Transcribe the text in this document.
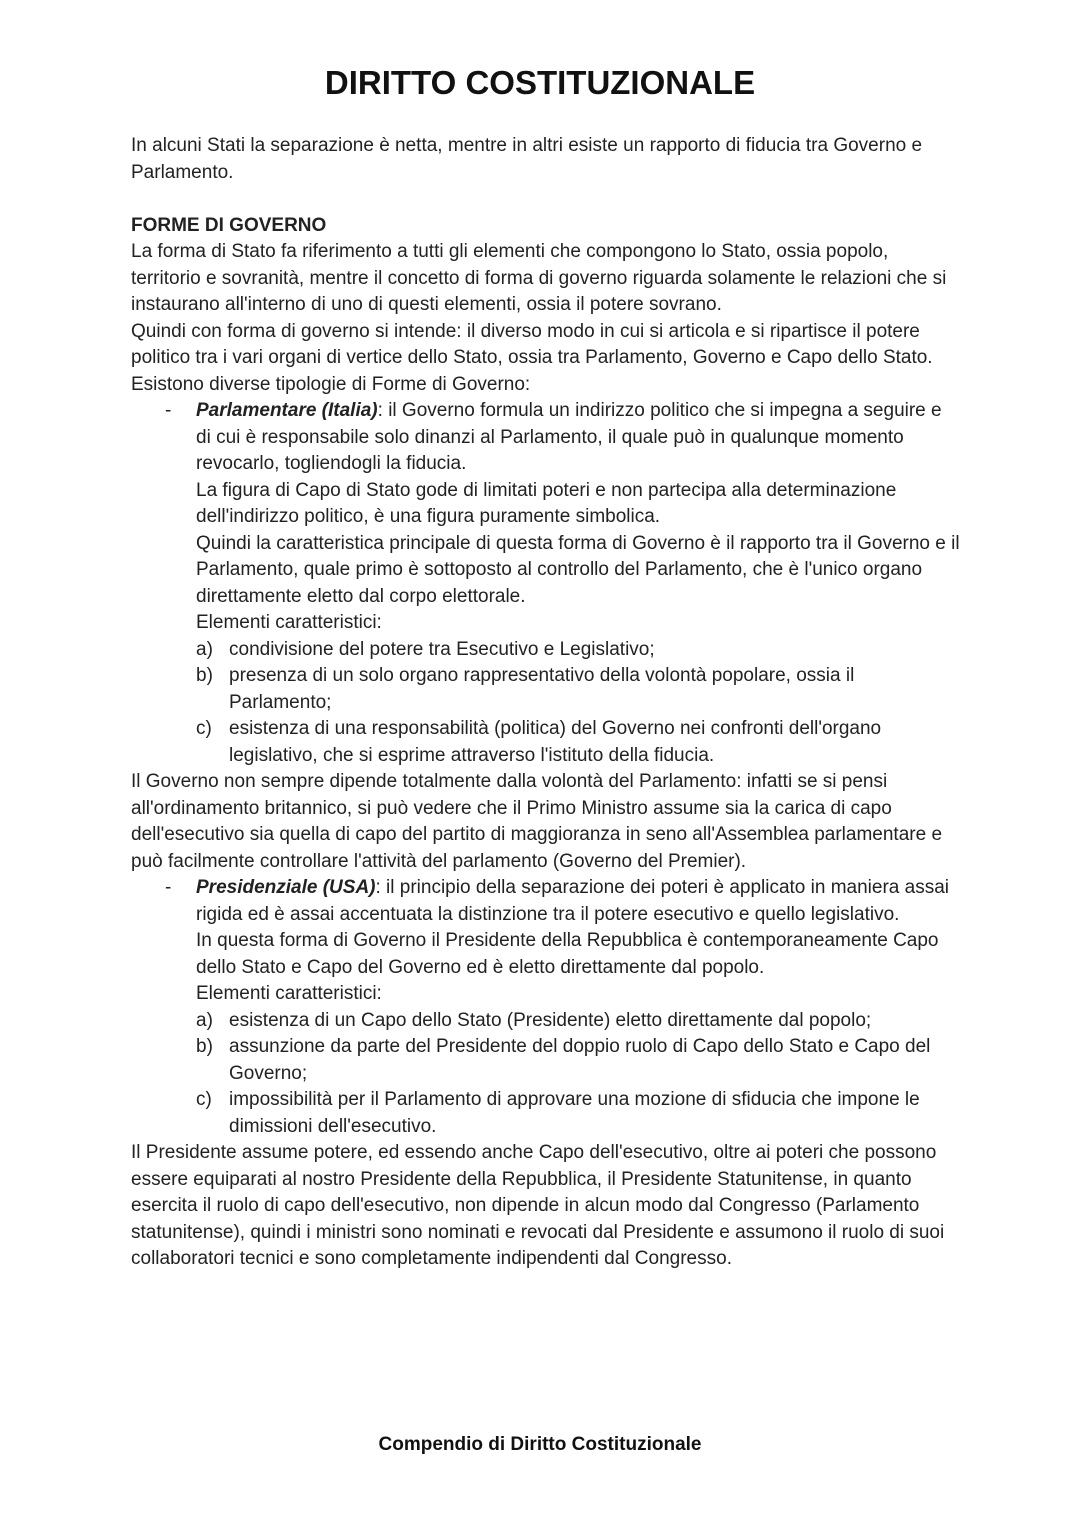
DIRITTO COSTITUZIONALE

In alcuni Stati la separazione è netta, mentre in altri esiste un rapporto di fiducia tra Governo e Parlamento.

FORME DI GOVERNO

La forma di Stato fa riferimento a tutti gli elementi che compongono lo Stato, ossia popolo, territorio e sovranità, mentre il concetto di forma di governo riguarda solamente le relazioni che si instaurano all'interno di uno di questi elementi, ossia il potere sovrano.

Quindi con forma di governo si intende: il diverso modo in cui si articola e si ripartisce il potere politico tra i vari organi di vertice dello Stato, ossia tra Parlamento, Governo e Capo dello Stato.

Esistono diverse tipologie di Forme di Governo:

- Parlamentare (Italia): il Governo formula un indirizzo politico che si impegna a seguire e di cui è responsabile solo dinanzi al Parlamento, il quale può in qualunque momento revocarlo, togliendogli la fiducia.

La figura di Capo di Stato gode di limitati poteri e non partecipa alla determinazione dell'indirizzo politico, è una figura puramente simbolica.

Quindi la caratteristica principale di questa forma di Governo è il rapporto tra il Governo e il Parlamento, quale primo è sottoposto al controllo del Parlamento, che è l'unico organo direttamente eletto dal corpo elettorale.

Elementi caratteristici:

a) condivisione del potere tra Esecutivo e Legislativo;
b) presenza di un solo organo rappresentativo della volontà popolare, ossia il Parlamento;
c) esistenza di una responsabilità (politica) del Governo nei confronti dell'organo legislativo, che si esprime attraverso l'istituto della fiducia.

Il Governo non sempre dipende totalmente dalla volontà del Parlamento: infatti se si pensi all'ordinamento britannico, si può vedere che il Primo Ministro assume sia la carica di capo dell'esecutivo sia quella di capo del partito di maggioranza in seno all'Assemblea parlamentare e può facilmente controllare l'attività del parlamento (Governo del Premier).

- Presidenziale (USA): il principio della separazione dei poteri è applicato in maniera assai rigida ed è assai accentuata la distinzione tra il potere esecutivo e quello legislativo.

In questa forma di Governo il Presidente della Repubblica è contemporaneamente Capo dello Stato e Capo del Governo ed è eletto direttamente dal popolo.

Elementi caratteristici:

a) esistenza di un Capo dello Stato (Presidente) eletto direttamente dal popolo;
b) assunzione da parte del Presidente del doppio ruolo di Capo dello Stato e Capo del Governo;
c) impossibilità per il Parlamento di approvare una mozione di sfiducia che impone le dimissioni dell'esecutivo.

Il Presidente assume potere, ed essendo anche Capo dell'esecutivo, oltre ai poteri che possono essere equiparati al nostro Presidente della Repubblica, il Presidente Statunitense, in quanto esercita il ruolo di capo dell'esecutivo, non dipende in alcun modo dal Congresso (Parlamento statunitense), quindi i ministri sono nominati e revocati dal Presidente e assumono il ruolo di suoi collaboratori tecnici e sono completamente indipendenti dal Congresso.

Compendio di Diritto Costituzionale
